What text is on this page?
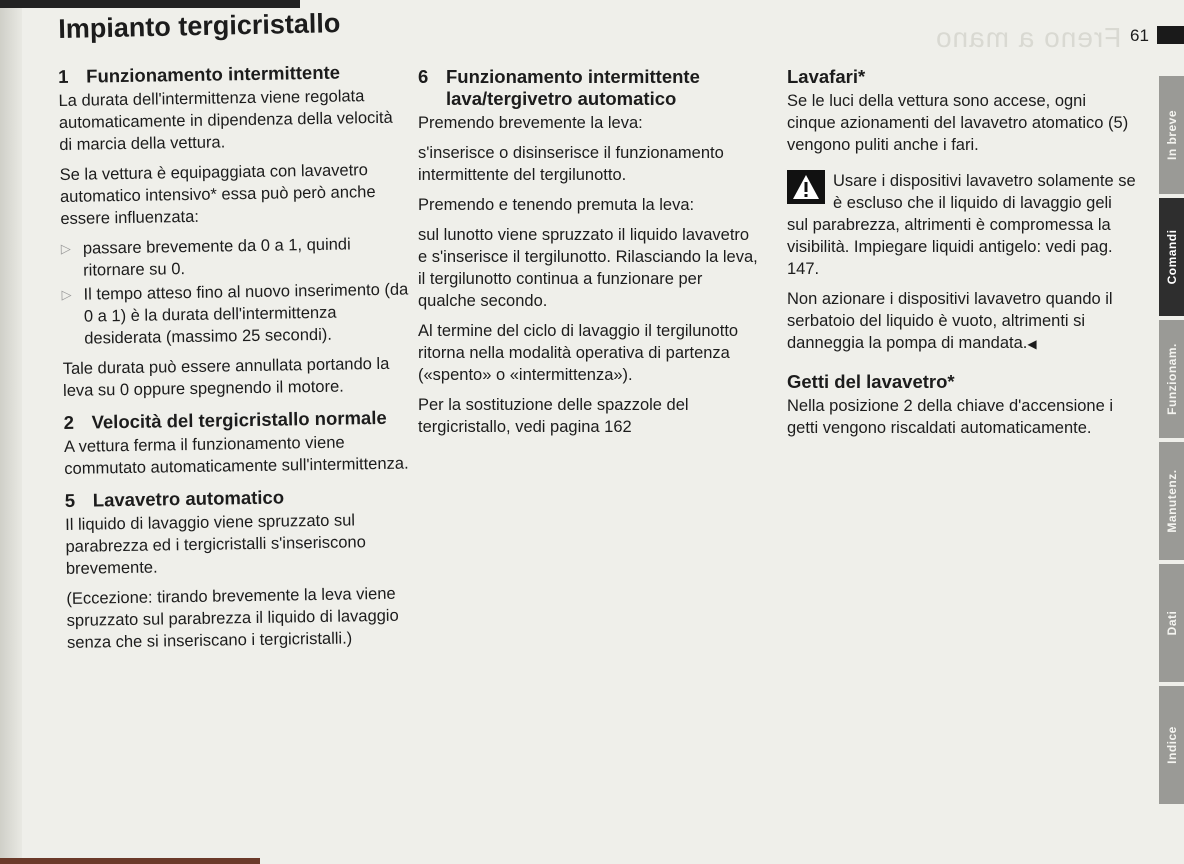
Freno a mano
Impianto tergicristallo	61
1 Funzionamento intermittente

La durata dell'intermittenza viene regolata automaticamente in dipendenza della velocità di marcia della vettura.

Se la vettura è equipaggiata con lavavetro automatico intensivo* essa può però anche essere influenzata:

▷ passare brevemente da 0 a 1, quindi ritornare su 0.
▷ Il tempo atteso fino al nuovo inserimento (da 0 a 1) è la durata dell'intermittenza desiderata (massimo 25 secondi).

Tale durata può essere annullata portando la leva su 0 oppure spegnendo il motore.

2 Velocità del tergicristallo normale

A vettura ferma il funzionamento viene commutato automaticamente sull'intermittenza.

5 Lavavetro automatico

Il liquido di lavaggio viene spruzzato sul parabrezza ed i tergicristalli s'inseriscono brevemente.

(Eccezione: tirando brevemente la leva viene spruzzato sul parabrezza il liquido di lavaggio senza che si inseriscano i tergicristalli.)

6 Funzionamento intermittente lava/tergivetro automatico

Premendo brevemente la leva:

s'inserisce o disinserisce il funzionamento intermittente del tergilunotto.

Premendo e tenendo premuta la leva:

sul lunotto viene spruzzato il liquido lavavetro e s'inserisce il tergilunotto. Rilasciando la leva, il tergilunotto continua a funzionare per qualche secondo.

Al termine del ciclo di lavaggio il tergilunotto ritorna nella modalità operativa di partenza («spento» o «intermittenza»).

Per la sostituzione delle spazzole del tergicristallo, vedi pagina 162

Lavafari*

Se le luci della vettura sono accese, ogni cinque azionamenti del lavavetro atomatico (5) vengono puliti anche i fari.

Usare i dispositivi lavavetro solamente se è escluso che il liquido di lavaggio geli sul parabrezza, altrimenti è compromessa la visibilità. Impiegare liquidi antigelo: vedi pag. 147.

Non azionare i dispositivi lavavetro quando il serbatoio del liquido è vuoto, altrimenti si danneggia la pompa di mandata.◀

Getti del lavavetro*

Nella posizione 2 della chiave d'accensione i getti vengono riscaldati automaticamente.

In breve
Comandi
Funzionam.
Manutenz.
Dati
Indice
